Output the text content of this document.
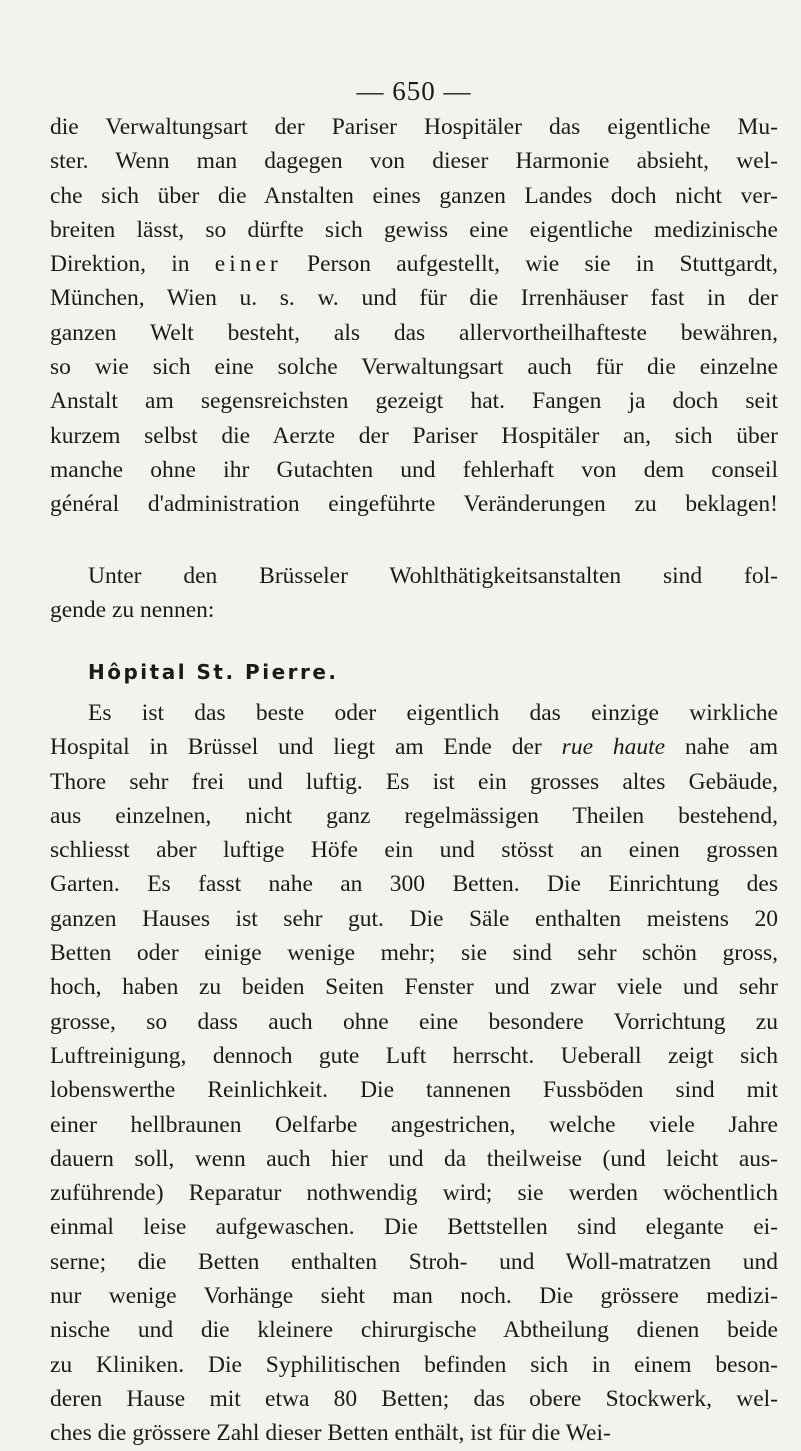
— 650 —
die Verwaltungsart der Pariser Hospitäler das eigentliche Mu-
ster. Wenn man dagegen von dieser Harmonie absieht, wel-
che sich über die Anstalten eines ganzen Landes doch nicht ver-
breiten lässt, so dürfte sich gewiss eine eigentliche medizinische
Direktion, in einer Person aufgestellt, wie sie in Stuttgardt,
München, Wien u. s. w. und für die Irrenhäuser fast in der
ganzen Welt besteht, als das allervortheilhafteste bewähren,
so wie sich eine solche Verwaltungsart auch für die einzelne
Anstalt am segensreichsten gezeigt hat. Fangen ja doch seit
kurzem selbst die Aerzte der Pariser Hospitäler an, sich über
manche ohne ihr Gutachten und fehlerhaft von dem conseil
général d'administration eingeführte Veränderungen zu beklagen!
Unter den Brüsseler Wohlthätigkeitsanstalten sind fol-
gende zu nennen:
Hôpital St. Pierre.
Es ist das beste oder eigentlich das einzige wirkliche
Hospital in Brüssel und liegt am Ende der rue haute nahe am
Thore sehr frei und luftig. Es ist ein grosses altes Gebäude,
aus einzelnen, nicht ganz regelmässigen Theilen bestehend,
schliesst aber luftige Höfe ein und stösst an einen grossen
Garten. Es fasst nahe an 300 Betten. Die Einrichtung des
ganzen Hauses ist sehr gut. Die Säle enthalten meistens 20
Betten oder einige wenige mehr; sie sind sehr schön gross,
hoch, haben zu beiden Seiten Fenster und zwar viele und sehr
grosse, so dass auch ohne eine besondere Vorrichtung zu
Luftreinigung, dennoch gute Luft herrscht. Ueberall zeigt sich
lobenswerthe Reinlichkeit. Die tannenen Fussböden sind mit
einer hellbraunen Oelfarbe angestrichen, welche viele Jahre
dauern soll, wenn auch hier und da theilweise (und leicht aus-
zuführende) Reparatur nothwendig wird; sie werden wöchentlich
einmal leise aufgewaschen. Die Bettstellen sind elegante ei-
serne; die Betten enthalten Stroh- und Woll-matratzen und
nur wenige Vorhänge sieht man noch. Die grössere medizi-
nische und die kleinere chirurgische Abtheilung dienen beide
zu Kliniken. Die Syphilitischen befinden sich in einem beson-
deren Hause mit etwa 80 Betten; das obere Stockwerk, wel-
ches die grössere Zahl dieser Betten enthält, ist für die Wei-
